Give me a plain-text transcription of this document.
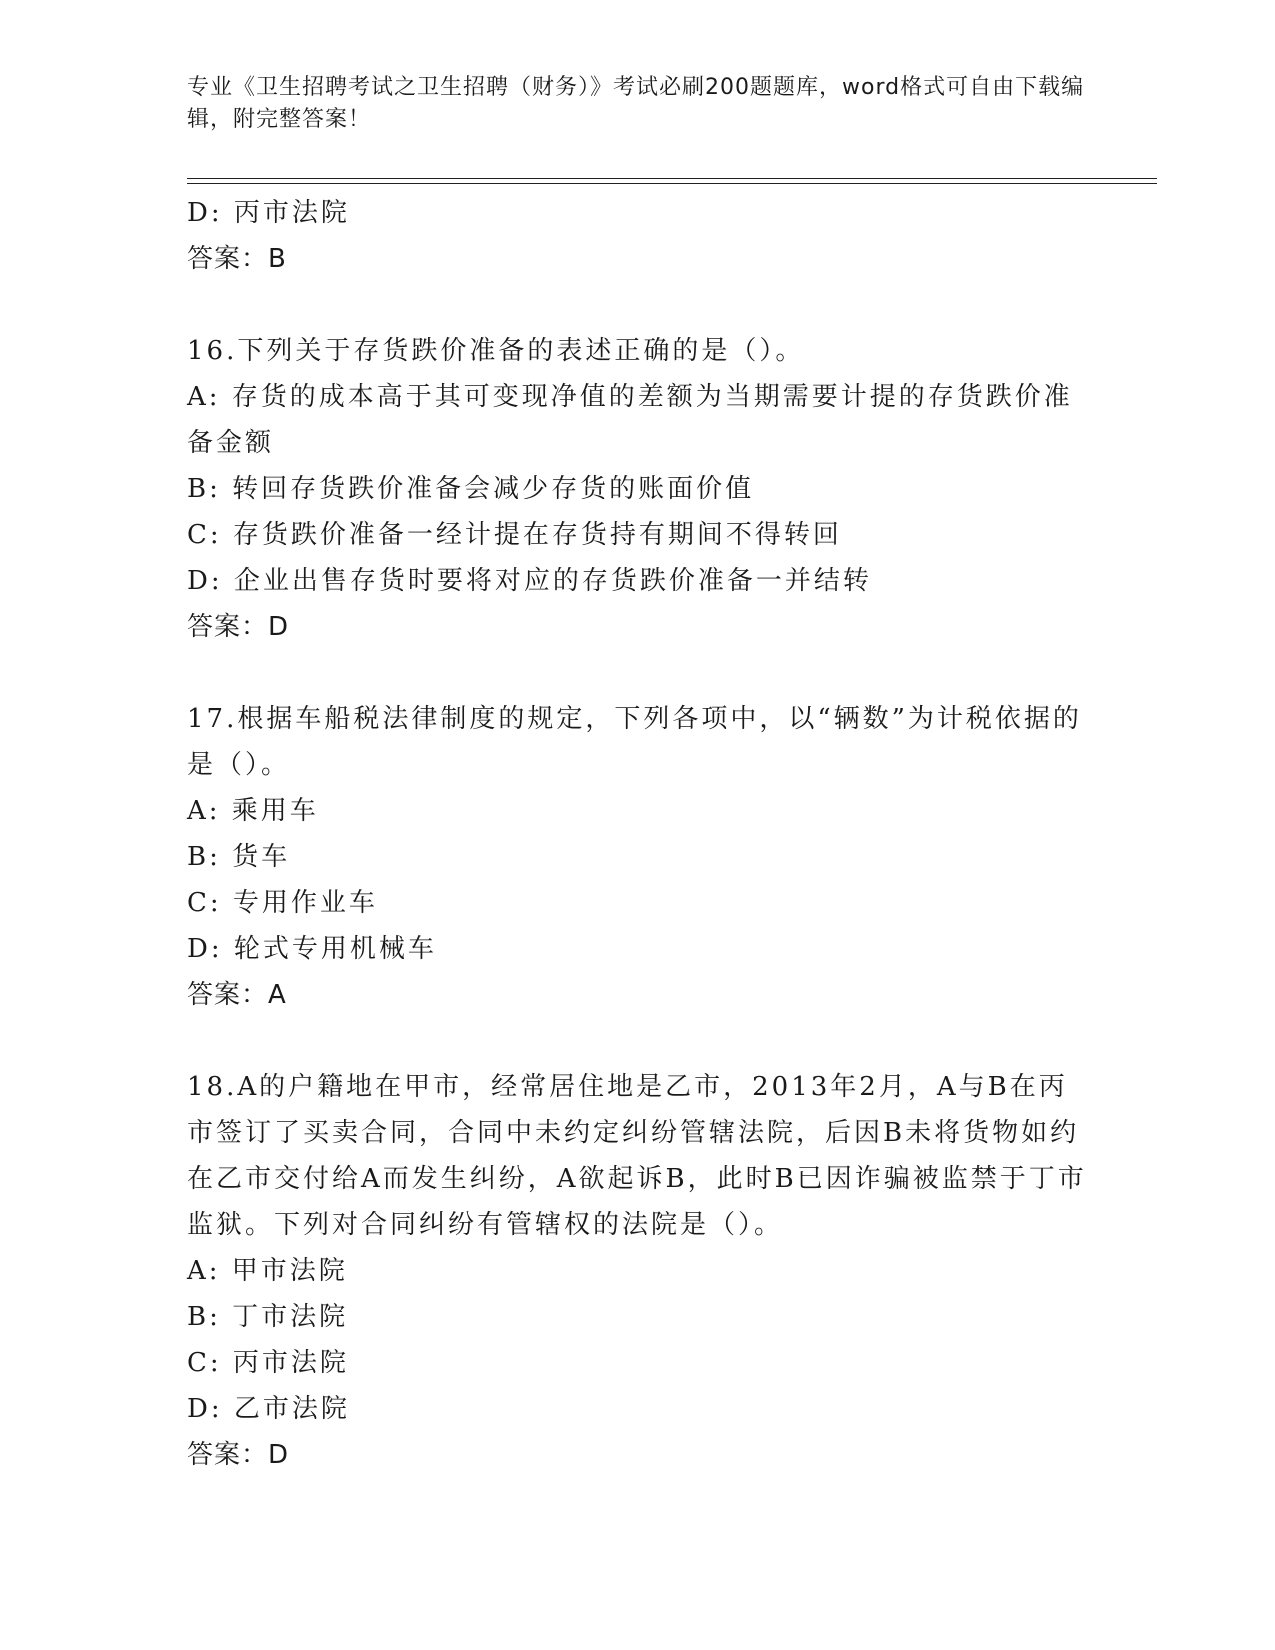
专业《卫生招聘考试之卫生招聘（财务）》考试必刷200题题库，word格式可自由下载编辑，附完整答案！
D: 丙市法院
答案：B
16.下列关于存货跌价准备的表述正确的是（）。
A: 存货的成本高于其可变现净值的差额为当期需要计提的存货跌价准备金额
B: 转回存货跌价准备会减少存货的账面价值
C: 存货跌价准备一经计提在存货持有期间不得转回
D: 企业出售存货时要将对应的存货跌价准备一并结转
答案：D
17.根据车船税法律制度的规定，下列各项中，以“辆数”为计税依据的是（）。
A: 乘用车
B: 货车
C: 专用作业车
D: 轮式专用机械车
答案：A
18.A的户籍地在甲市，经常居住地是乙市，2013年2月，A与B在丙市签订了买卖合同，合同中未约定纠纷管辖法院，后因B未将货物如约在乙市交付给A而发生纠纷，A欲起诉B，此时B已因诈骗被监禁于丁市监狱。下列对合同纠纷有管辖权的法院是（）。
A: 甲市法院
B: 丁市法院
C: 丙市法院
D: 乙市法院
答案：D
